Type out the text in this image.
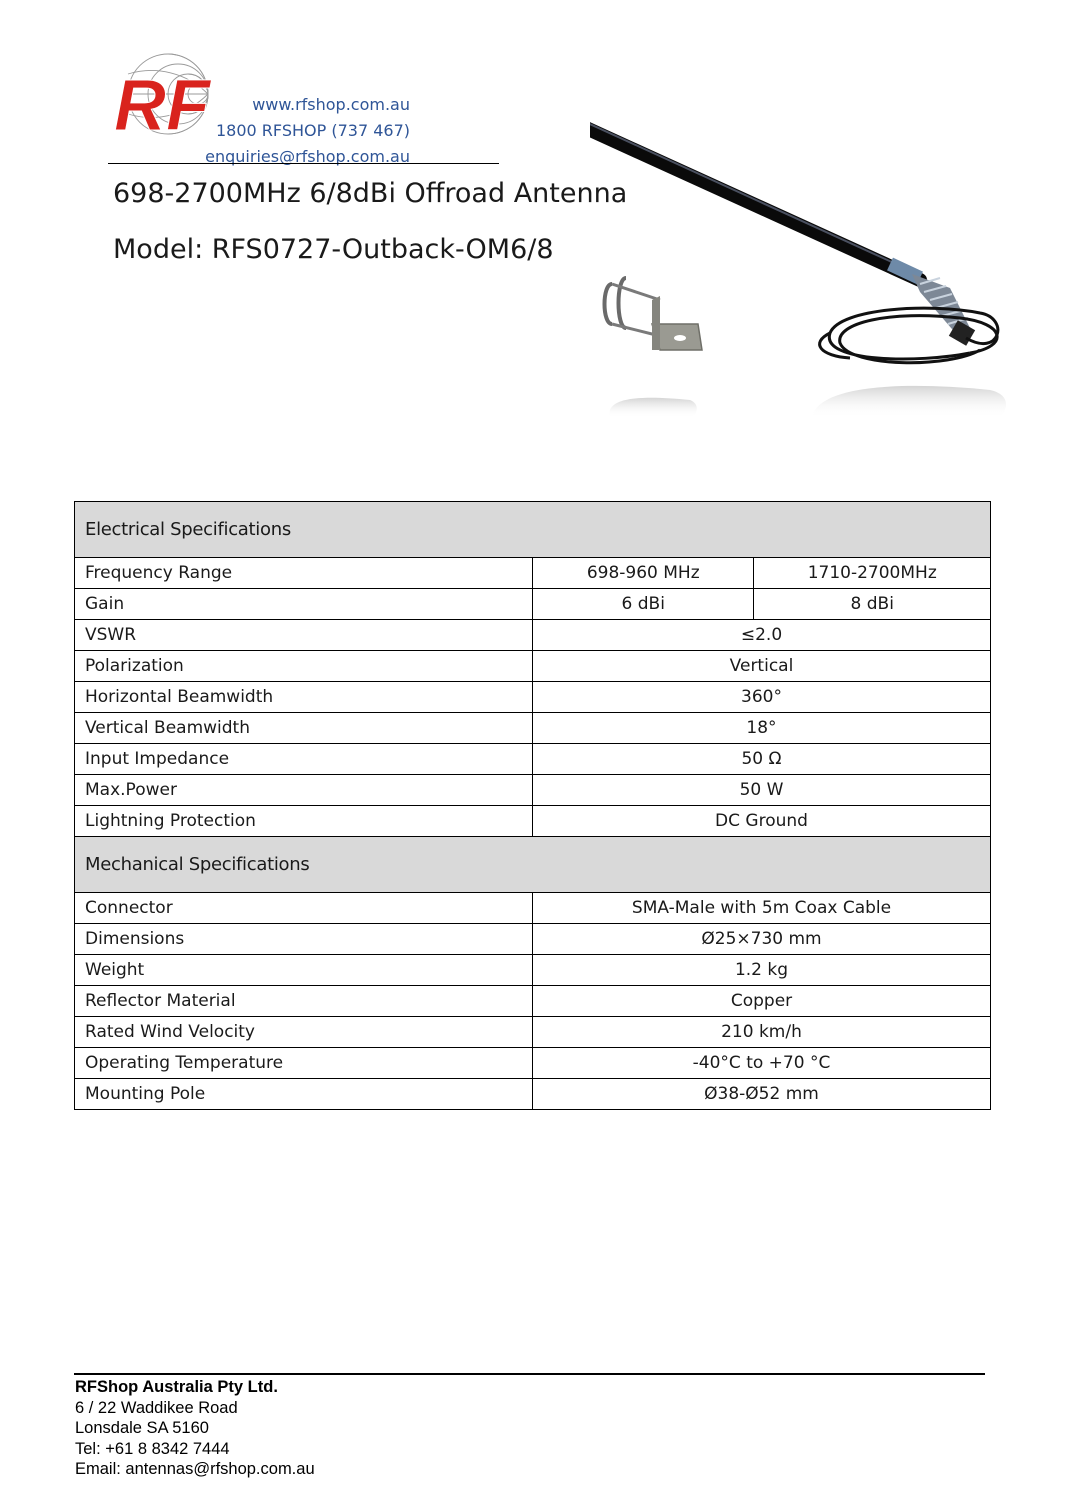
RF	www.rfshop.com.au
1800 RFSHOP (737 467)
enquiries@rfshop.com.au
698-2700MHz 6/8dBi Offroad Antenna
Model: RFS0727-Outback-OM6/8
Electrical Specifications		
Frequency Range	698-960 MHz	1710-2700MHz
Gain	6 dBi	8 dBi
VSWR	≤2.0	
Polarization	Vertical	
Horizontal Beamwidth	360°	
Vertical Beamwidth	18°	
Input Impedance	50 Ω	
Max.Power	50 W	
Lightning Protection	DC Ground	
Mechanical Specifications		
Connector	SMA-Male with 5m Coax Cable	
Dimensions	Ø25×730 mm	
Weight	1.2 kg	
Reflector Material	Copper	
Rated Wind Velocity	210 km/h	
Operating Temperature	-40°C to +70 °C	
Mounting Pole	Ø38-Ø52 mm	
RFShop Australia Pty Ltd.
6 / 22 Waddikee Road
Lonsdale SA 5160
Tel: +61 8 8342 7444
Email: antennas@rfshop.com.au
